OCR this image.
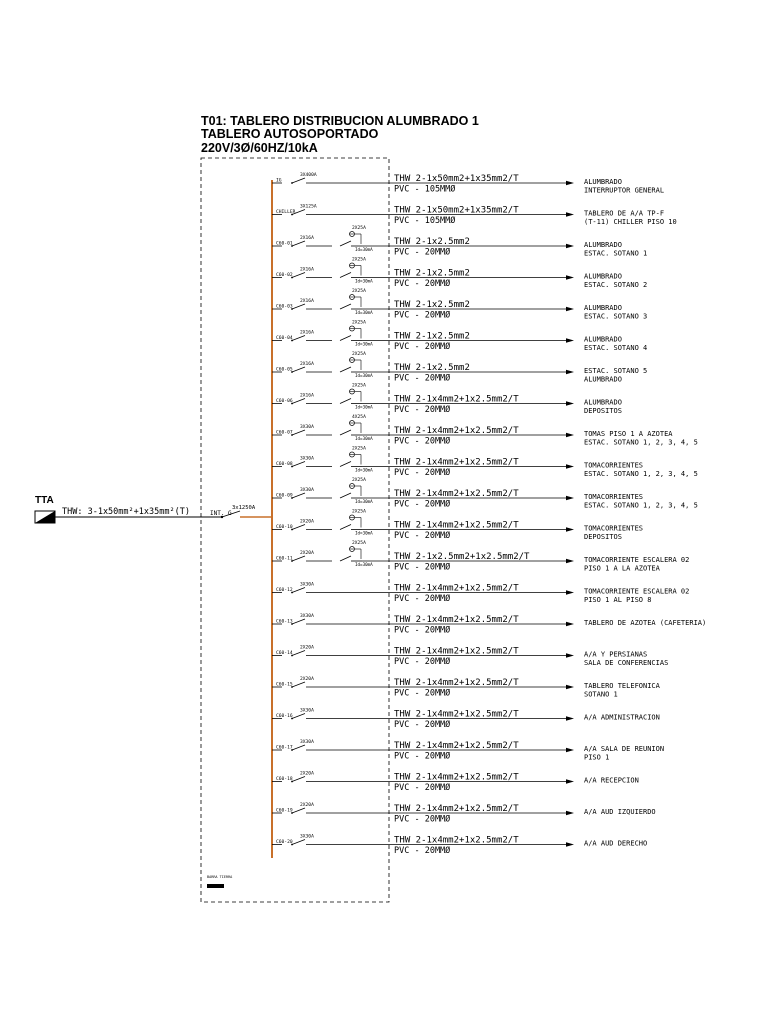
T01: TABLERO DISTRIBUCION ALUMBRADO 1
TABLERO AUTOSOPORTADO
220V/3Ø/60HZ/10kA
TTA
THW: 3-1x50mm²+1x35mm²(T)	INT. G
3x1250A
BARRA TIERRA
IG
3X400A	THW 2-1x50mm2+1x35mm2/T
PVC - 105MMØ
ALUMBRADO
INTERRUPTOR GENERAL
CHILLER
3X125A	THW 2-1x50mm2+1x35mm2/T
PVC - 105MMØ
TABLERO DE A/A TP-F
(T-11) CHILLER PISO 10
C60-01
2X16A
2X25A
Id=30mA
THW 2-1x2.5mm2
PVC - 20MMØ
ALUMBRADO
ESTAC. SOTANO 1
C60-02
2X16A
2X25A
Id=30mA
THW 2-1x2.5mm2
PVC - 20MMØ
ALUMBRADO
ESTAC. SOTANO 2
C60-03
2X16A
2X25A
Id=30mA
THW 2-1x2.5mm2
PVC - 20MMØ
ALUMBRADO
ESTAC. SOTANO 3
C60-04
2X16A
2X25A
Id=30mA
THW 2-1x2.5mm2
PVC - 20MMØ
ALUMBRADO
ESTAC. SOTANO 4
C60-05
2X16A
2X25A
Id=30mA
THW 2-1x2.5mm2
PVC - 20MMØ
ESTAC. SOTANO 5
ALUMBRADO
C60-06
2X16A
2X25A
Id=30mA
THW 2-1x4mm2+1x2.5mm2/T
PVC - 20MMØ
ALUMBRADO
DEPOSITOS
C60-07
3X30A
4X25A
Id=30mA
THW 2-1x4mm2+1x2.5mm2/T
PVC - 20MMØ
TOMAS PISO 1 A AZOTEA
ESTAC. SOTANO 1, 2, 3, 4, 5
C60-08
3X30A
2X25A
Id=30mA
THW 2-1x4mm2+1x2.5mm2/T
PVC - 20MMØ
TOMACORRIENTES
ESTAC. SOTANO 1, 2, 3, 4, 5
C60-09
3X30A
2X25A
Id=30mA
THW 2-1x4mm2+1x2.5mm2/T
PVC - 20MMØ
TOMACORRIENTES
ESTAC. SOTANO 1, 2, 3, 4, 5
C60-10
2X20A
2X25A
Id=30mA
THW 2-1x4mm2+1x2.5mm2/T
PVC - 20MMØ
TOMACORRIENTES
DEPOSITOS
C60-11
2X20A
2X25A
Id=30mA
THW 2-1x2.5mm2+1x2.5mm2/T
PVC - 20MMØ
TOMACORRIENTE ESCALERA 02
PISO 1 A LA AZOTEA
C60-12
3X30A	THW 2-1x4mm2+1x2.5mm2/T
PVC - 20MMØ
TOMACORRIENTE ESCALERA 02
PISO 1 AL PISO 8
C60-13
3X30A	THW 2-1x4mm2+1x2.5mm2/T
PVC - 20MMØ
TABLERO DE AZOTEA (CAFETERIA)
C60-14
2X20A	THW 2-1x4mm2+1x2.5mm2/T
PVC - 20MMØ
A/A Y PERSIANAS
SALA DE CONFERENCIAS
C60-15
2X20A	THW 2-1x4mm2+1x2.5mm2/T
PVC - 20MMØ
TABLERO TELEFONICA
SOTANO 1
C60-16
3X30A	THW 2-1x4mm2+1x2.5mm2/T
PVC - 20MMØ
A/A ADMINISTRACION
C60-17
3X30A	THW 2-1x4mm2+1x2.5mm2/T
PVC - 20MMØ
A/A SALA DE REUNION
PISO 1
C60-18
2X20A	THW 2-1x4mm2+1x2.5mm2/T
PVC - 20MMØ
A/A RECEPCION
C60-19
2X20A	THW 2-1x4mm2+1x2.5mm2/T
PVC - 20MMØ
A/A AUD IZQUIERDO
C60-20
3X30A	THW 2-1x4mm2+1x2.5mm2/T
PVC - 20MMØ
A/A AUD DERECHO
